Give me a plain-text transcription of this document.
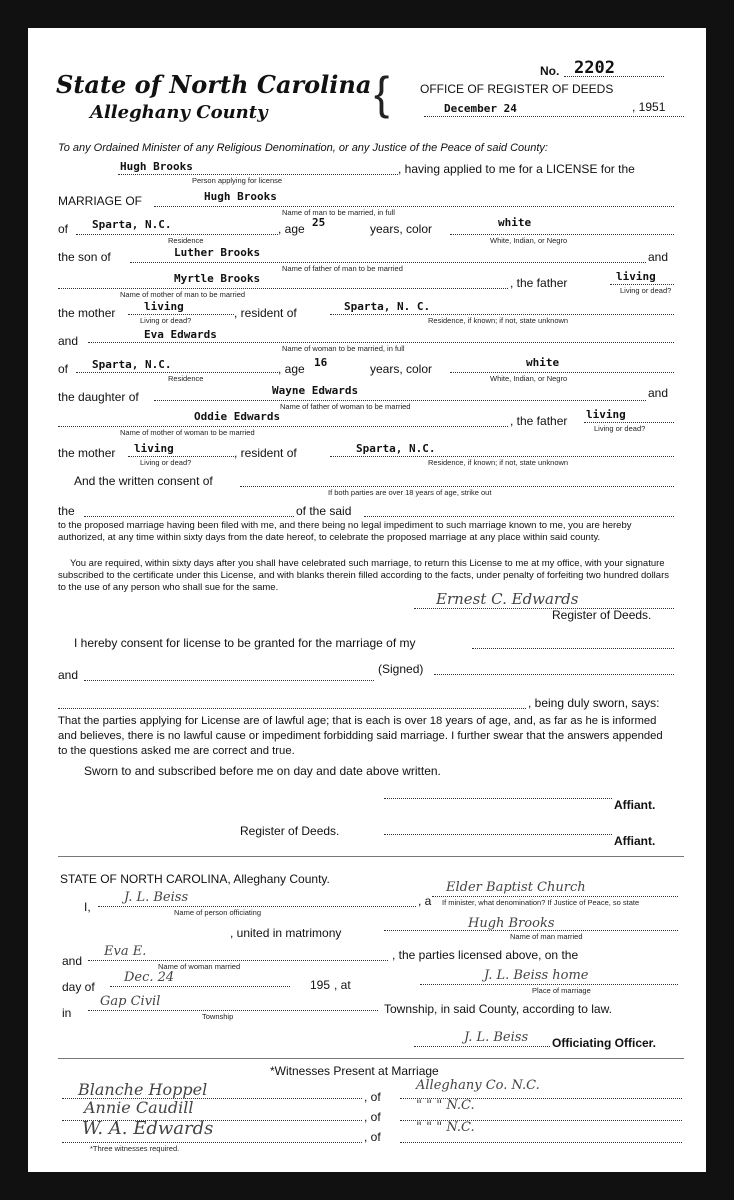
State of North Carolina
Alleghany County {	No. 2202
OFFICE OF REGISTER OF DEEDS
December 24	, 1951
To any Ordained Minister of any Religious Denomination, or any Justice of the Peace of said County:
Hugh Brooks
Person applying for license
, having applied to me for a LICENSE for the
MARRIAGE OF	Hugh Brooks
Name of man to be married, in full
of Sparta, N.C.
Residence
, age 25	years, color	white
White, Indian, or Negro
the son of	Luther Brooks
Name of father of man to be married
and
Myrtle Brooks
Name of mother of man to be married
, the father	living
Living or dead?
the mother	living
Living or dead?
, resident of	Sparta, N. C.
Residence, if known; if not, state unknown
and	Eva Edwards
Name of woman to be married, in full
of Sparta, N.C.
Residence
, age 16	years, color	white
White, Indian, or Negro
the daughter of	Wayne Edwards
Name of father of woman to be married
and
Oddie Edwards
Name of mother of woman to be married
, the father living
Living or dead?
the mother living
Living or dead?
, resident of	Sparta, N.C.
Residence, if known; if not, state unknown
And the written consent of
If both parties are over 18 years of age, strike out
the	of the said
to the proposed marriage having been filed with me, and there being no legal impediment to such marriage known to me, you are hereby authorized, at any time within sixty days from the date hereof, to celebrate the proposed marriage at any place within said county.
You are required, within sixty days after you shall have celebrated such marriage, to return this License to me at my office, with your signature subscribed to the certificate under this License, and with blanks therein filled according to the facts, under penalty of forfeiting two hundred dollars to the use of any person who shall sue for the same.
Ernest C. Edwards
Register of Deeds.
I hereby consent for license to be granted for the marriage of my
and	(Signed)
, being duly sworn, says:
That the parties applying for License are of lawful age; that is each is over 18 years of age, and, as far as he is informed and believes, there is no lawful cause or impediment forbidding said marriage. I further swear that the answers appended to the questions asked me are correct and true.
Sworn to and subscribed before me on day and date above written.
Affiant.
Register of Deeds.
Affiant.
STATE OF NORTH CAROLINA, Alleghany County.
I,
J. L. Beiss
Name of person officiating
, a
Elder Baptist Church
If minister, what denomination? If Justice of Peace, so state
, united in matrimony
Hugh Brooks
Name of man married
and
Eva E.
Name of woman married
, the parties licensed above, on the
day of
Dec. 24	195 , at
J. L. Beiss home
Place of marriage
in
Gap Civil
Township
Township, in said County, according to law.
J. L. Beiss Officiating Officer.
*Witnesses Present at Marriage
Blanche Hoppel	, of
Alleghany Co. N.C.
Annie Caudill	, of
" " " N.C.
W. A. Edwards	, of
" " " N.C.
*Three witnesses required.
